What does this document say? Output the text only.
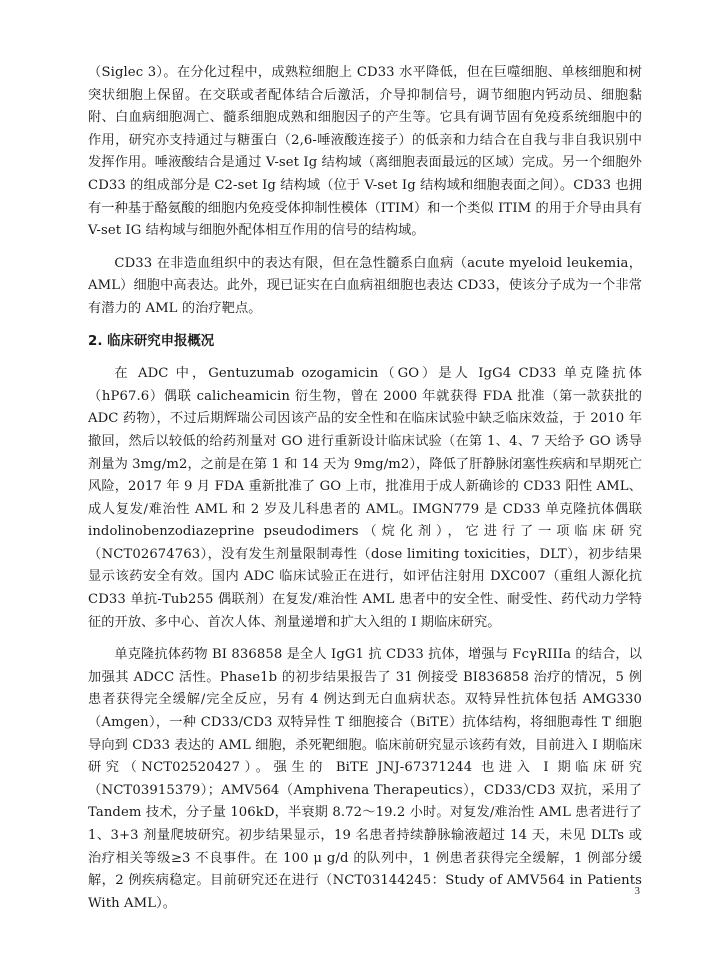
（Siglec 3）。在分化过程中，成熟粒细胞上 CD33 水平降低，但在巨噬细胞、单核细胞和树突状细胞上保留。在交联或者配体结合后激活，介导抑制信号，调节细胞内钙动员、细胞黏附、白血病细胞凋亡、髓系细胞成熟和细胞因子的产生等。它具有调节固有免疫系统细胞中的作用，研究亦支持通过与糖蛋白（2,6-唾液酸连接子）的低亲和力结合在自我与非自我识别中发挥作用。唾液酸结合是通过 V-set Ig 结构域（离细胞表面最远的区域）完成。另一个细胞外 CD33 的组成部分是 C2-set Ig 结构域（位于 V-set Ig 结构域和细胞表面之间）。CD33 也拥有一种基于酪氨酸的细胞内免疫受体抑制性模体（ITIM）和一个类似 ITIM 的用于介导由具有 V-set IG 结构域与细胞外配体相互作用的信号的结构域。

CD33 在非造血组织中的表达有限，但在急性髓系白血病（acute myeloid leukemia，AML）细胞中高表达。此外，现已证实在白血病祖细胞也表达 CD33，使该分子成为一个非常有潜力的 AML 的治疗靶点。

2. 临床研究申报概况

在 ADC 中，Gentuzumab ozogamicin（GO）是人 IgG4 CD33 单克隆抗体（hP67.6）偶联 calicheamicin 衍生物，曾在 2000 年就获得 FDA 批准（第一款获批的 ADC 药物），不过后期辉瑞公司因该产品的安全性和在临床试验中缺乏临床效益，于 2010 年撤回，然后以较低的给药剂量对 GO 进行重新设计临床试验（在第 1、4、7 天给予 GO 诱导剂量为 3mg/m2，之前是在第 1 和 14 天为 9mg/m2），降低了肝静脉闭塞性疾病和早期死亡风险，2017 年 9 月 FDA 重新批准了 GO 上市，批准用于成人新确诊的 CD33 阳性 AML、成人复发/难治性 AML 和 2 岁及儿科患者的 AML。IMGN779 是 CD33 单克隆抗体偶联 indolinobenzodiazeprine pseudodimers（烷化剂），它进行了一项临床研究（NCT02674763），没有发生剂量限制毒性（dose limiting toxicities，DLT），初步结果显示该药安全有效。国内 ADC 临床试验正在进行，如评估注射用 DXC007（重组人源化抗 CD33 单抗-Tub255 偶联剂）在复发/难治性 AML 患者中的安全性、耐受性、药代动力学特征的开放、多中心、首次人体、剂量递增和扩大入组的 I 期临床研究。

单克隆抗体药物 BI 836858 是全人 IgG1 抗 CD33 抗体，增强与 FcγRIIIa 的结合，以加强其 ADCC 活性。Phase1b 的初步结果报告了 31 例接受 BI836858 治疗的情况，5 例患者获得完全缓解/完全反应，另有 4 例达到无白血病状态。双特异性抗体包括 AMG330（Amgen），一种 CD33/CD3 双特异性 T 细胞接合（BiTE）抗体结构，将细胞毒性 T 细胞导向到 CD33 表达的 AML 细胞，杀死靶细胞。临床前研究显示该药有效，目前进入 I 期临床研究（NCT02520427）。强生的 BiTE JNJ-67371244 也进入 I 期临床研究（NCT03915379）；AMV564（Amphivena Therapeutics），CD33/CD3 双抗，采用了 Tandem 技术，分子量 106kD，半衰期 8.72～19.2 小时。对复发/难治性 AML 患者进行了 1、3+3 剂量爬坡研究。初步结果显示，19 名患者持续静脉输液超过 14 天，未见 DLTs 或治疗相关等级≥3 不良事件。在 100 μ g/d 的队列中，1 例患者获得完全缓解，1 例部分缓解，2 例疾病稳定。目前研究还在进行（NCT03144245：Study of AMV564 in Patients With AML）。

3
